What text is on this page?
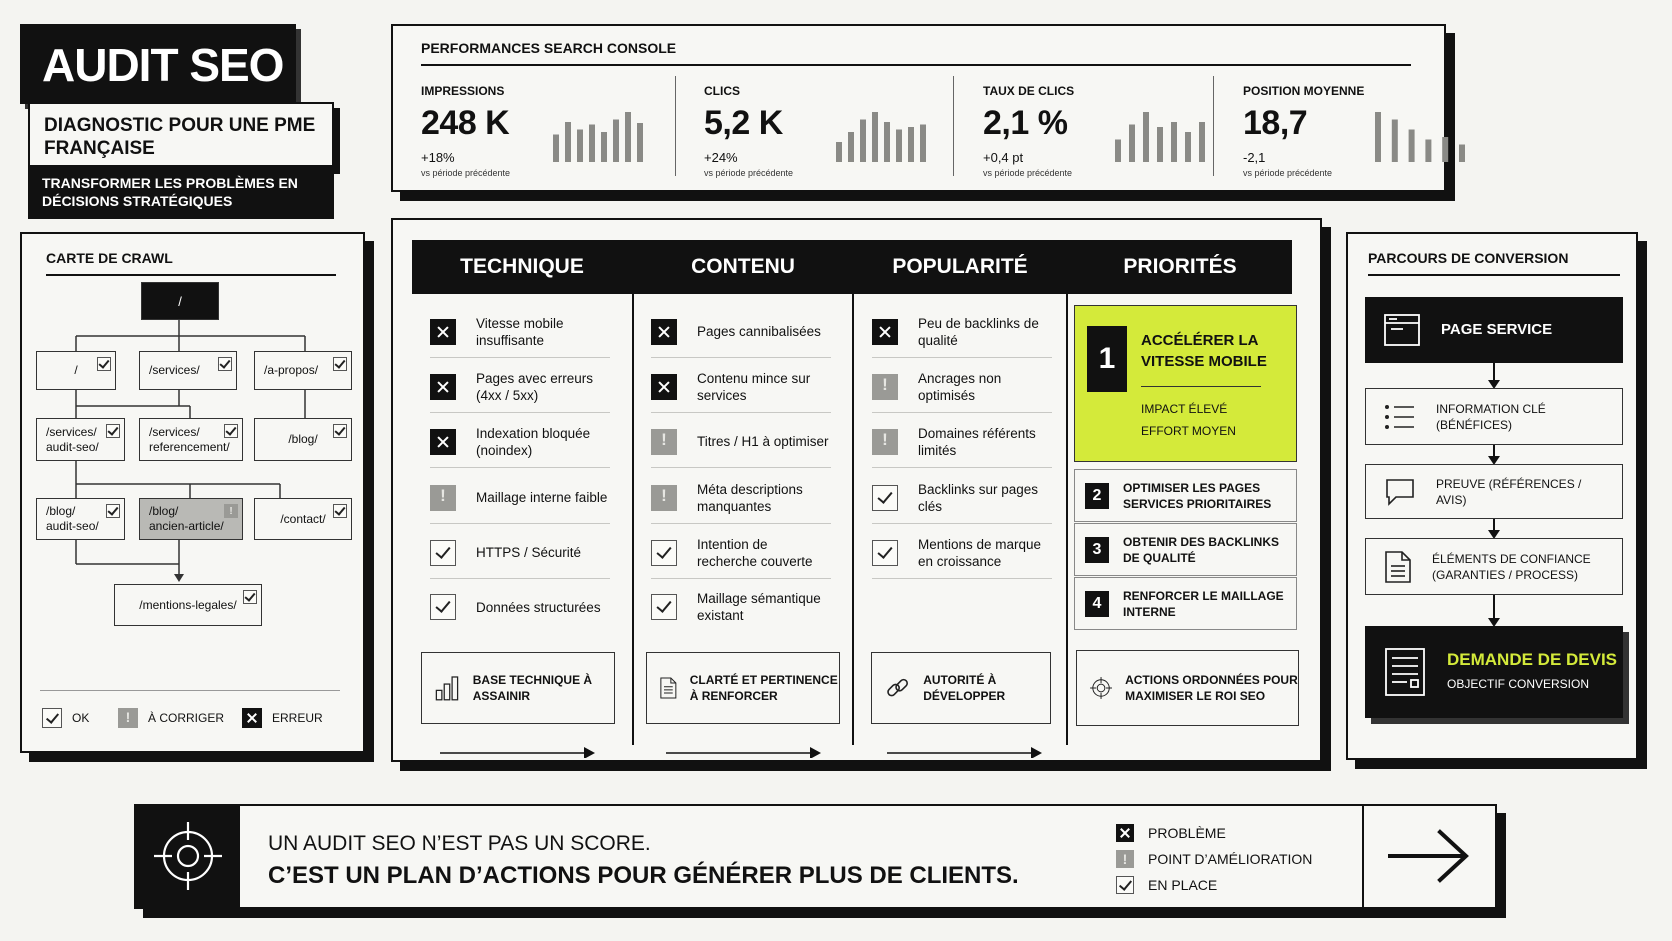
AUDIT SEO
DIAGNOSTIC POUR UNE PME FRANÇAISE
TRANSFORMER LES PROBLÈMES EN DÉCISIONS STRATÉGIQUES
PERFORMANCES SEARCH CONSOLE
IMPRESSIONS
248 K
+18%
vs période précédente
CLICS
5,2 K
+24%
vs période précédente
TAUX DE CLICS
2,1 %
+0,4 pt
vs période précédente
POSITION MOYENNE
18,7
-2,1
vs période précédente
CARTE DE CRAWL
/
/	/services/	/a-propos/
/services/
audit-seo/
/services/
referencement/
/blog/
/blog/
audit-seo/
/blog/
ancien-article/
!
/contact/
/mentions-legales/
OK
!	À CORRIGER	ERREUR
TECHNIQUE	CONTENU	POPULARITÉ	PRIORITÉS
Vitesse mobile insuffisante
Pages avec erreurs (4xx / 5xx)
Indexation bloquée (noindex)
!
Maillage interne faible
HTTPS / Sécurité
Données structurées
Pages cannibalisées
Contenu mince sur services
!
Titres / H1 à optimiser
!
Méta descriptions manquantes
Intention de recherche couverte
Maillage sémantique existant
Peu de backlinks de qualité
!
Ancrages non optimisés
!
Domaines référents limités
Backlinks sur pages clés
Mentions de marque en croissance
BASE TECHNIQUE À ASSAINIR
CLARTÉ ET PERTINENCE À RENFORCER
AUTORITÉ À DÉVELOPPER
ACTIONS ORDONNÉES POUR MAXIMISER LE ROI SEO
1
ACCÉLÉRER LA VITESSE MOBILE
IMPACT ÉLEVÉ
EFFORT MOYEN
2	OPTIMISER LES PAGES SERVICES PRIORITAIRES
3	OBTENIR DES BACKLINKS DE QUALITÉ
4	RENFORCER LE MAILLAGE INTERNE
PARCOURS DE CONVERSION
PAGE SERVICE
INFORMATION CLÉ (BÉNÉFICES)
PREUVE (RÉFÉRENCES / AVIS)
ÉLÉMENTS DE CONFIANCE (GARANTIES / PROCESS)
DEMANDE DE DEVIS
OBJECTIF CONVERSION
UN AUDIT SEO N’EST PAS UN SCORE.
C’EST UN PLAN D’ACTIONS POUR GÉNÉRER PLUS DE CLIENTS.
PROBLÈME
!
POINT D’AMÉLIORATION
EN PLACE
